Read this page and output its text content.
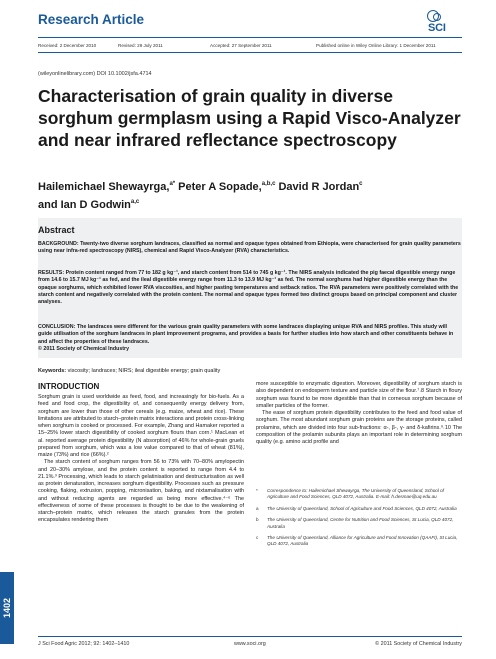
Research Article
SCI
Received: 2 December 2010	Revised: 29 July 2011	Accepted: 27 September 2011	Published online in Wiley Online Library: 1 December 2011
(wileyonlinelibrary.com) DOI 10.1002/jsfa.4714
Characterisation of grain quality in diverse sorghum germplasm using a Rapid Visco-Analyzer and near infrared reflectance spectroscopy
Hailemichael Shewayrga,$^{a*}$ Peter A Sopade,$^{a,b,c}$ David R Jordan$^c$
and Ian D Godwin$^{a,c}$
Abstract
BACKGROUND: Twenty-two diverse sorghum landraces, classified as normal and opaque types obtained from Ethiopia, were characterised for grain quality parameters using near infra-red spectroscopy (NIRS), chemical and Rapid Visco-Analyzer (RVA) characteristics.
RESULTS: Protein content ranged from 77 to 182 g kg⁻¹, and starch content from 514 to 745 g kg⁻¹. The NIRS analysis indicated the pig faecal digestible energy range from 14.6 to 15.7 MJ kg⁻¹ as fed, and the ileal digestible energy range from 11.3 to 13.9 MJ kg⁻¹ as fed. The normal sorghums had higher digestible energy than the opaque sorghums, which exhibited lower RVA viscosities, and higher pasting temperatures and setback ratios. The RVA parameters were positively correlated with the starch content and negatively correlated with the protein content. The normal and opaque types formed two distinct groups based on principal component and cluster analyses.
CONCLUSION: The landraces were different for the various grain quality parameters with some landraces displaying unique RVA and NIRS profiles. This study will guide utilisation of the sorghum landraces in plant improvement programs, and provides a basis for further studies into how starch and other constituents behave in and affect the properties of these landraces.
© 2011 Society of Chemical Industry
Keywords: viscosity; landraces; NIRS; ileal digestible energy; grain quality
INTRODUCTION

Sorghum grain is used worldwide as feed, food, and increasingly for bio-fuels. As a feed and food crop, the digestibility of, and consequently energy delivery from, sorghum are lower than those of other cereals (e.g. maize, wheat and rice). These limitations are attributed to starch–protein matrix interactions and protein cross-linking when sorghum is cooked or processed. For example, Zhang and Hamaker reported a 15–25% lower starch digestibility of cooked sorghum flours than corn.¹ MacLean et al. reported average protein digestibility (N absorption) of 46% for whole-grain gruels prepared from sorghum, which was a low value compared to that of wheat (81%), maize (73%) and rice (66%).²

The starch content of sorghum ranges from 56 to 73% with 70–80% amylopectin and 20–30% amylose, and the protein content is reported to range from 4.4 to 21.1%.³ Processing, which leads to starch gelatinisation and destructurisation as well as protein denaturation, increases sorghum digestibility. Processes such as pressure cooking, flaking, extrusion, popping, micronisation, baking, and nixtamalisation with and without reducing agents are regarded as being more effective.⁴⁻⁶ The effectiveness of some of these processes is thought to be due to the weakening of starch–protein matrix, which releases the starch granules from the protein encapsulates rendering them

more susceptible to enzymatic digestion. Moreover, digestibility of sorghum starch is also dependent on endosperm texture and particle size of the flour.⁷˒8 Starch in floury sorghum was found to be more digestible than that in corneous sorghum because of smaller particles of the former.

The ease of sorghum protein digestibility contributes to the feed and food value of sorghum. The most abundant sorghum grain proteins are the storage proteins, called prolamins, which are divided into four sub-fractions: α-, β-, γ- and δ-kafirins.⁹˒10 The composition of the prolamin subunits plays an important role in determining sorghum quality (e.g. amino acid profile and

* Correspondence to: Hailemichael Shewayrga, The University of Queensland, School of Agriculture and Food Sciences, QLD 4072, Australia. E-mail: h.desmae@uq.edu.au
a The University of Queensland, School of Agriculture and Food Sciences, QLD 4072, Australia
b The University of Queensland, Centre for Nutrition and Food Sciences, St Lucia, QLD 4072, Australia
c The University of Queensland, Alliance for Agriculture and Food Innovation (QAAFI), St Lucia, QLD 4072, Australia
1402
J Sci Food Agric 2012; 92: 1402–1410	www.soci.org	© 2011 Society of Chemical Industry
